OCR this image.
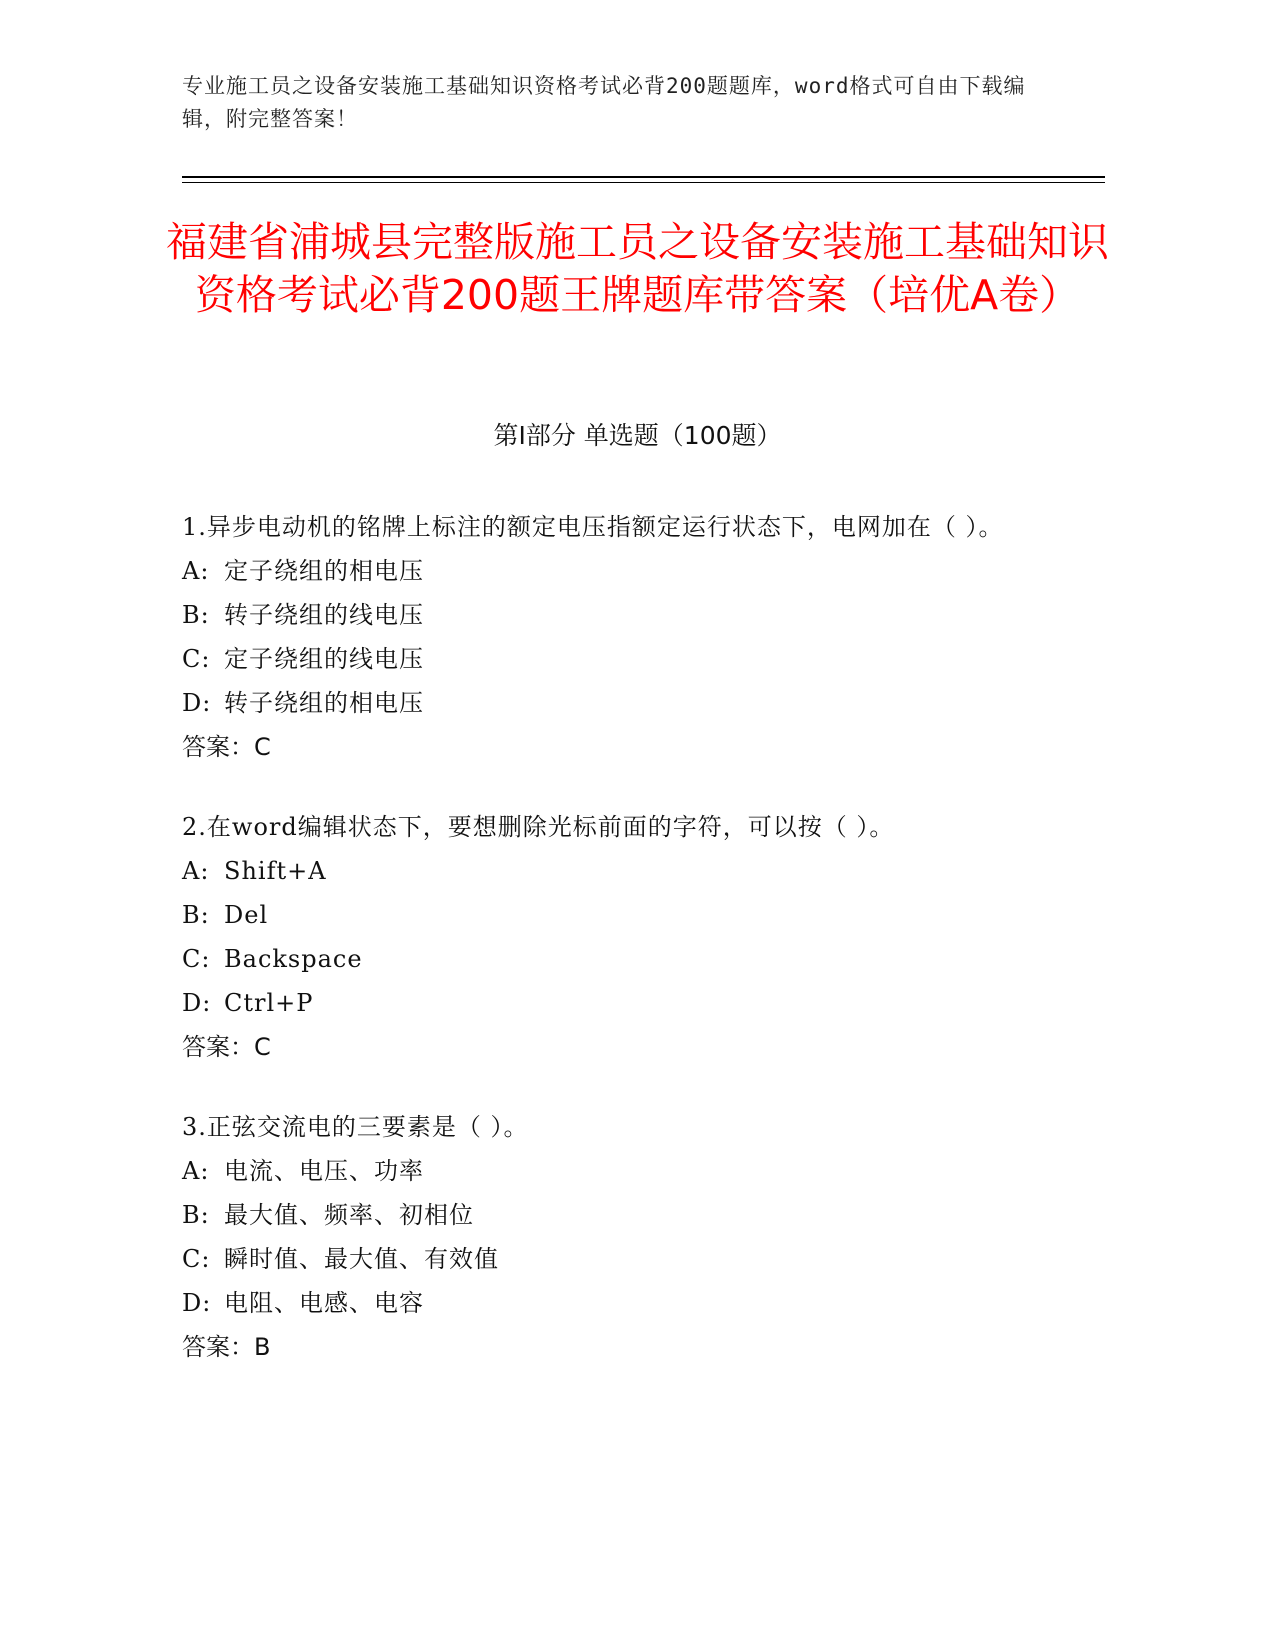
专业施工员之设备安装施工基础知识资格考试必背200题题库，word格式可自由下载编辑，附完整答案！
福建省浦城县完整版施工员之设备安装施工基础知识资格考试必背200题王牌题库带答案（培优A卷）
第I部分 单选题（100题）
1.异步电动机的铭牌上标注的额定电压指额定运行状态下，电网加在（ ）。
A: 定子绕组的相电压
B: 转子绕组的线电压
C: 定子绕组的线电压
D: 转子绕组的相电压
答案：C
2.在word编辑状态下，要想删除光标前面的字符，可以按（ ）。
A: Shift+A
B: Del
C: Backspace
D: Ctrl+P
答案：C
3.正弦交流电的三要素是（ ）。
A: 电流、电压、功率
B: 最大值、频率、初相位
C: 瞬时值、最大值、有效值
D: 电阻、电感、电容
答案：B
